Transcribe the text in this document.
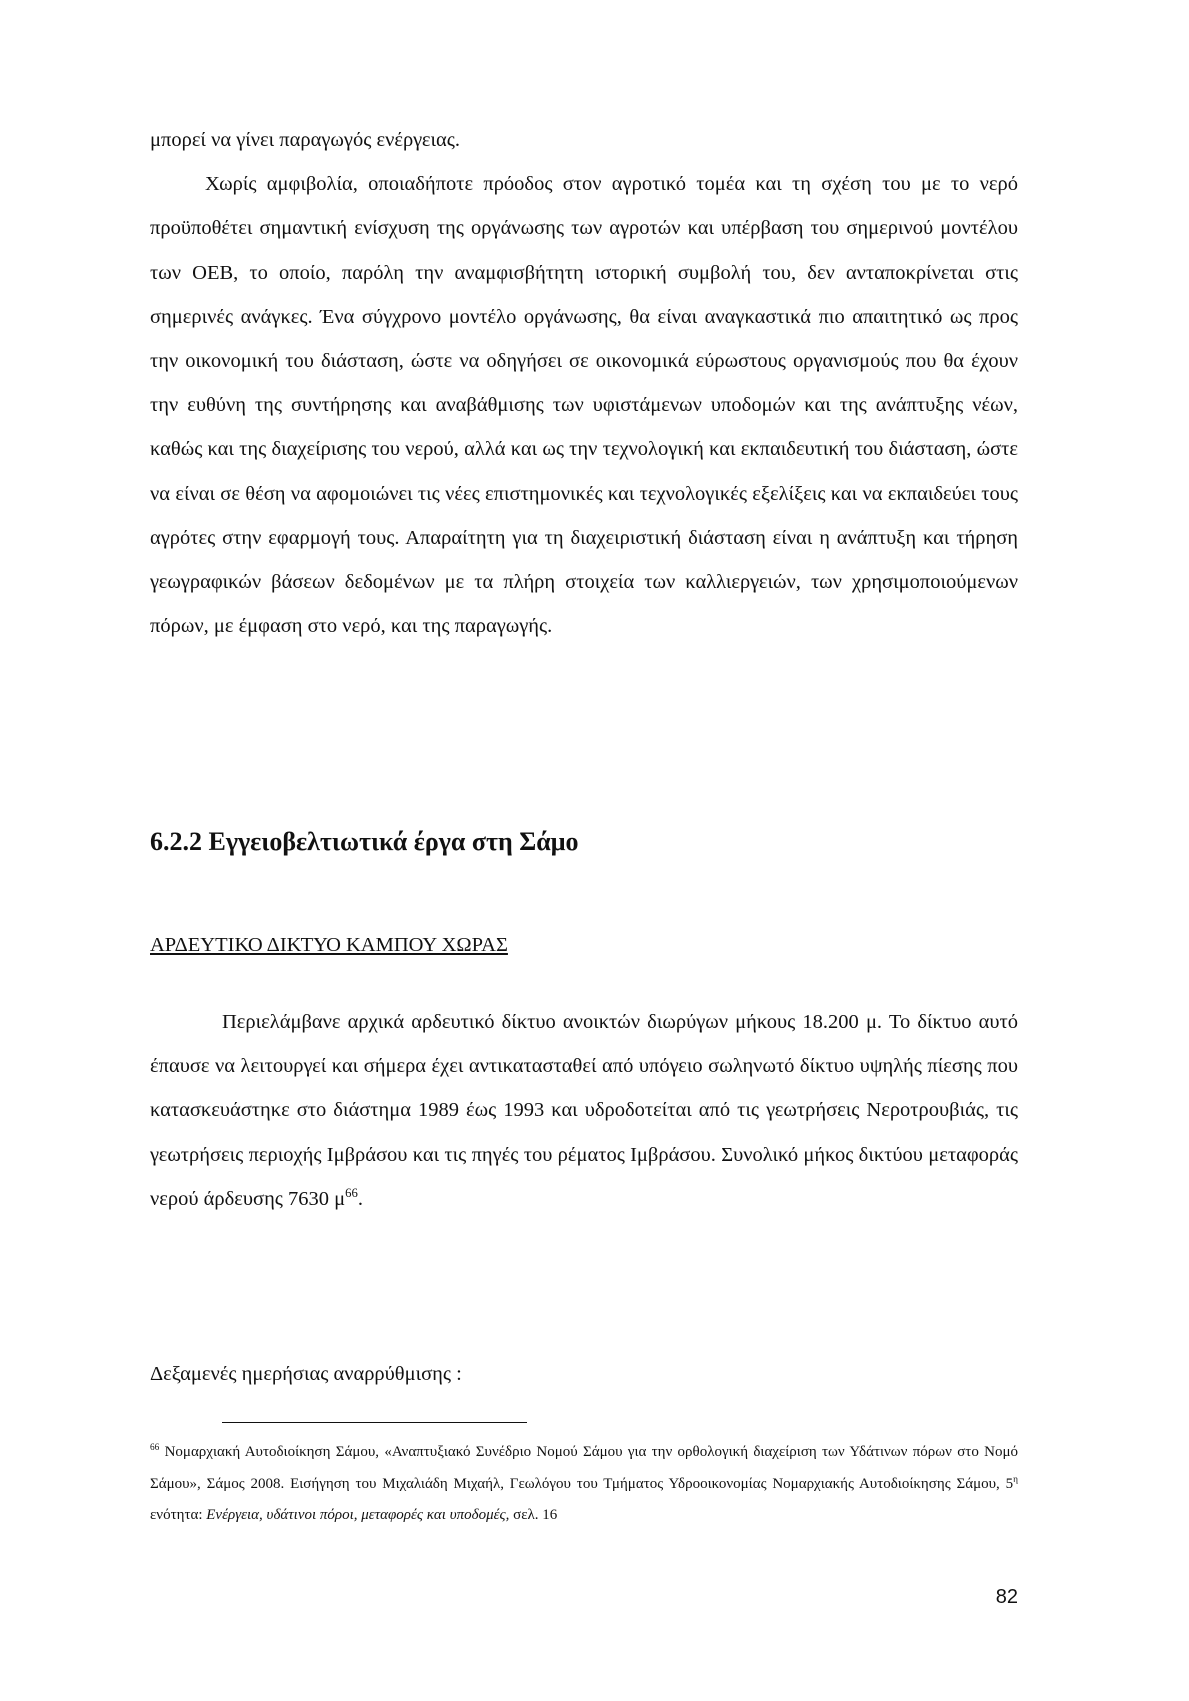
μπορεί να γίνει παραγωγός ενέργειας.

Χωρίς αμφιβολία, οποιαδήποτε πρόοδος στον αγροτικό τομέα και τη σχέση του με το νερό προϋποθέτει σημαντική ενίσχυση της οργάνωσης των αγροτών και υπέρβαση του σημερινού μοντέλου των ΟΕΒ, το οποίο, παρόλη την αναμφισβήτητη ιστορική συμβολή του, δεν ανταποκρίνεται στις σημερινές ανάγκες. Ένα σύγχρονο μοντέλο οργάνωσης, θα είναι αναγκαστικά πιο απαιτητικό ως προς την οικονομική του διάσταση, ώστε να οδηγήσει σε οικονομικά εύρωστους οργανισμούς που θα έχουν την ευθύνη της συντήρησης και αναβάθμισης των υφιστάμενων υποδομών και της ανάπτυξης νέων, καθώς και της διαχείρισης του νερού, αλλά και ως την τεχνολογική και εκπαιδευτική του διάσταση, ώστε να είναι σε θέση να αφομοιώνει τις νέες επιστημονικές και τεχνολογικές εξελίξεις και να εκπαιδεύει τους αγρότες στην εφαρμογή τους. Απαραίτητη για τη διαχειριστική διάσταση είναι η ανάπτυξη και τήρηση γεωγραφικών βάσεων δεδομένων με τα πλήρη στοιχεία των καλλιεργειών, των χρησιμοποιούμενων πόρων, με έμφαση στο νερό, και της παραγωγής.

6.2.2 Εγγειοβελτιωτικά έργα στη Σάμο

ΑΡΔΕΥΤΙΚΟ ΔΙΚΤΥΟ ΚΑΜΠΟΥ ΧΩΡΑΣ

Περιελάμβανε αρχικά αρδευτικό δίκτυο ανοικτών διωρύγων μήκους 18.200 μ. Το δίκτυο αυτό έπαυσε να λειτουργεί και σήμερα έχει αντικατασταθεί από υπόγειο σωληνωτό δίκτυο υψηλής πίεσης που κατασκευάστηκε στο διάστημα 1989 έως 1993 και υδροδοτείται από τις γεωτρήσεις Νεροτρουβιάς, τις γεωτρήσεις περιοχής Ιμβράσου και τις πηγές του ρέματος Ιμβράσου. Συνολικό μήκος δικτύου μεταφοράς νερού άρδευσης 7630 $\mu^{66}$.

Δεξαμενές ημερήσιας αναρρύθμισης :

$^{66}$ Νομαρχιακή Αυτοδιοίκηση Σάμου, «Αναπτυξιακό Συνέδριο Νομού Σάμου για την ορθολογική διαχείριση των Υδάτινων πόρων στο Νομό Σάμου», Σάμος 2008. Εισήγηση του Μιχαλιάδη Μιχαήλ, Γεωλόγου του Τμήματος Υδροοικονομίας Νομαρχιακής Αυτοδιοίκησης Σάμου, $5^\eta$ ενότητα: Ενέργεια, υδάτινοι πόροι, μεταφορές και υποδομές, σελ. 16

82
